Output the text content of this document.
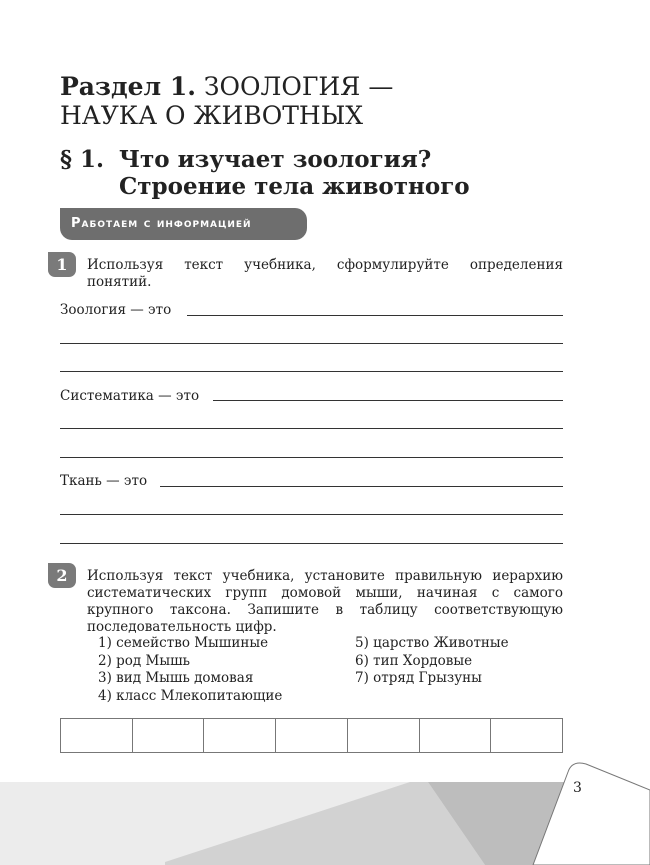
Раздел 1. ЗООЛОГИЯ —
НАУКА О ЖИВОТНЫХ
§ 1. Что изучает зоология?
Строение тела животного
Работаем с информацией
1	Используя текст учебника, сформулируйте определения понятий.
Зоология — это
Систематика — это
Ткань — это
2	Используя текст учебника, установите правильную иерархию систематических групп домовой мыши, начиная с самого крупного таксона. Запишите в таблицу соответствующую последовательность цифр.
1) семейство Мышиные
2) род Мышь
3) вид Мышь домовая
4) класс Млекопитающие
5) царство Животные
6) тип Хордовые
7) отряд Грызуны

3
